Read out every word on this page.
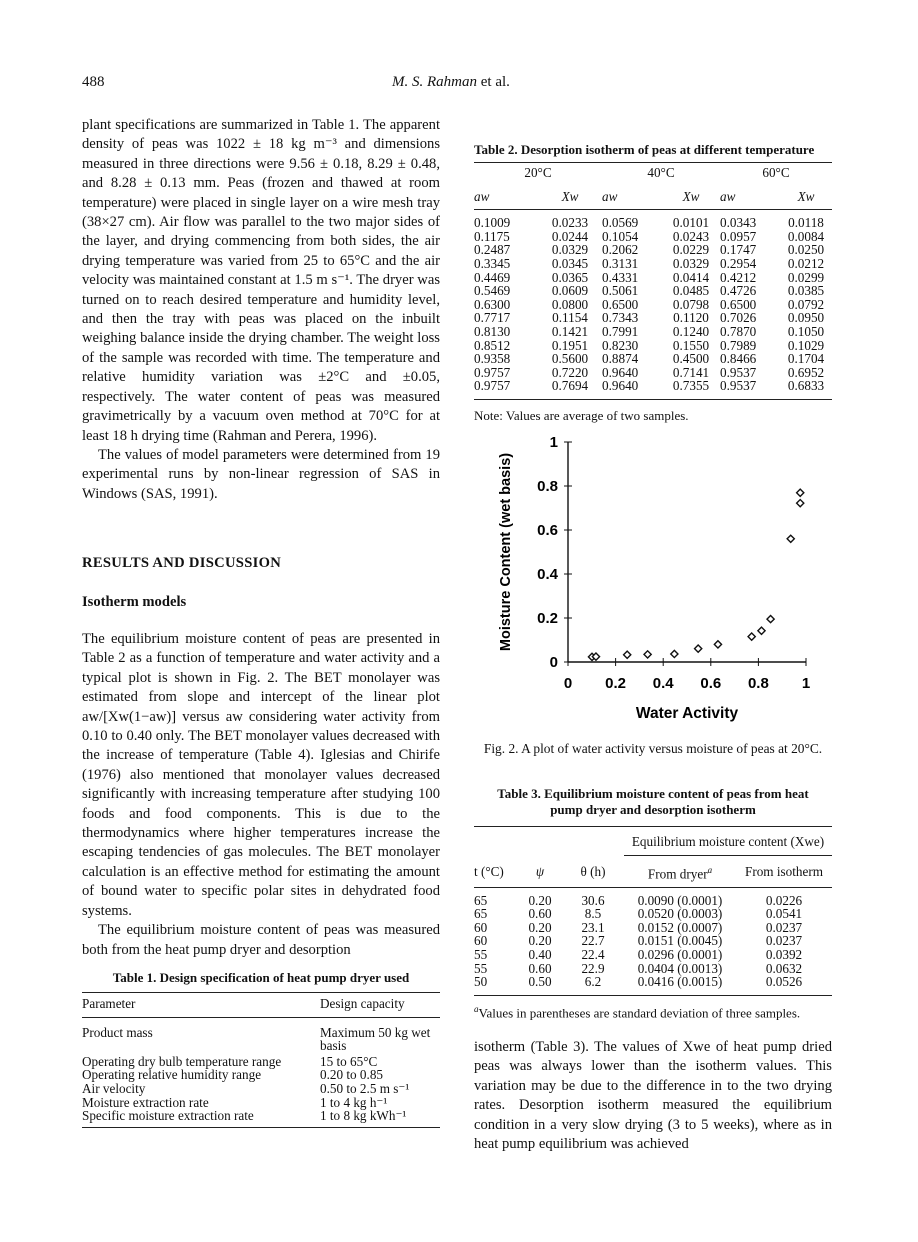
488	M. S. Rahman et al.

plant specifications are summarized in Table 1. The apparent density of peas was 1022 ± 18 kg m⁻³ and dimensions measured in three directions were 9.56 ± 0.18, 8.29 ± 0.48, and 8.28 ± 0.13 mm. Peas (frozen and thawed at room temperature) were placed in single layer on a wire mesh tray (38×27 cm). Air flow was parallel to the two major sides of the layer, and drying commencing from both sides, the air drying temperature was varied from 25 to 65°C and the air velocity was maintained constant at 1.5 m s⁻¹. The dryer was turned on to reach desired temperature and humidity level, and then the tray with peas was placed on the inbuilt weighing balance inside the drying chamber. The weight loss of the sample was recorded with time. The temperature and relative humidity variation was ±2°C and ±0.05, respectively. The water content of peas was measured gravimetrically by a vacuum oven method at 70°C for at least 18 h drying time (Rahman and Perera, 1996).

The values of model parameters were determined from 19 experimental runs by non-linear regression of SAS in Windows (SAS, 1991).

RESULTS AND DISCUSSION
Isotherm models

The equilibrium moisture content of peas are presented in Table 2 as a function of temperature and water activity and a typical plot is shown in Fig. 2. The BET monolayer was estimated from slope and intercept of the linear plot aw/[Xw(1−aw)] versus aw considering water activity from 0.10 to 0.40 only. The BET monolayer values decreased with the increase of temperature (Table 4). Iglesias and Chirife (1976) also mentioned that monolayer values decreased significantly with increasing temperature after studying 100 foods and food components. This is due to the thermodynamics where higher temperatures increase the escaping tendencies of gas molecules. The BET monolayer calculation is an effective method for estimating the amount of bound water to specific polar sites in dehydrated food systems.

The equilibrium moisture content of peas was measured both from the heat pump dryer and desorption

Table 1. Design specification of heat pump dryer used
Parameter	Design capacity
Product mass	Maximum 50 kg wet basis
Operating dry bulb temperature range	15 to 65°C
Operating relative humidity range	0.20 to 0.85
Air velocity	0.50 to 2.5 m s⁻¹
Moisture extraction rate	1 to 4 kg h⁻¹
Specific moisture extraction rate	1 to 8 kg kWh⁻¹
Table 2. Desorption isotherm of peas at different temperature
20°C		40°C		60°C	
aw	Xw	aw	Xw	aw	Xw
0.1009	0.0233	0.0569	0.0101	0.0343	0.0118
0.1175	0.0244	0.1054	0.0243	0.0957	0.0084
0.2487	0.0329	0.2062	0.0229	0.1747	0.0250
0.3345	0.0345	0.3131	0.0329	0.2954	0.0212
0.4469	0.0365	0.4331	0.0414	0.4212	0.0299
0.5469	0.0609	0.5061	0.0485	0.4726	0.0385
0.6300	0.0800	0.6500	0.0798	0.6500	0.0792
0.7717	0.1154	0.7343	0.1120	0.7026	0.0950
0.8130	0.1421	0.7991	0.1240	0.7870	0.1050
0.8512	0.1951	0.8230	0.1550	0.7989	0.1029
0.9358	0.5600	0.8874	0.4500	0.8466	0.1704
0.9757	0.7220	0.9640	0.7141	0.9537	0.6952
0.9757	0.7694	0.9640	0.7355	0.9537	0.6833
Note: Values are average of two samples.
0 0.2 0.4 0.6 0.8 1
0
0.2
0.4
0.6
0.8
1
Water Activity
Moisture Content (wet basis)
Fig. 2. A plot of water activity versus moisture of peas at 20°C.
Table 3. Equilibrium moisture content of peas from heat pump dryer and desorption isotherm
			Equilibrium moisture content (Xwe)	
t (°C)	ψ	θ (h)	From dryer$^a$	From isotherm
65	0.20	30.6	0.0090 (0.0001)	0.0226
65	0.60	8.5	0.0520 (0.0003)	0.0541
60	0.20	23.1	0.0152 (0.0007)	0.0237
60	0.20	22.7	0.0151 (0.0045)	0.0237
55	0.40	22.4	0.0296 (0.0001)	0.0392
55	0.60	22.9	0.0404 (0.0013)	0.0632
50	0.50	6.2	0.0416 (0.0015)	0.0526
$^a$Values in parentheses are standard deviation of three samples.

isotherm (Table 3). The values of Xwe of heat pump dried peas was always lower than the isotherm values. This variation may be due to the difference in to the two drying rates. Desorption isotherm measured the equilibrium condition in a very slow drying (3 to 5 weeks), where as in heat pump equilibrium was achieved
